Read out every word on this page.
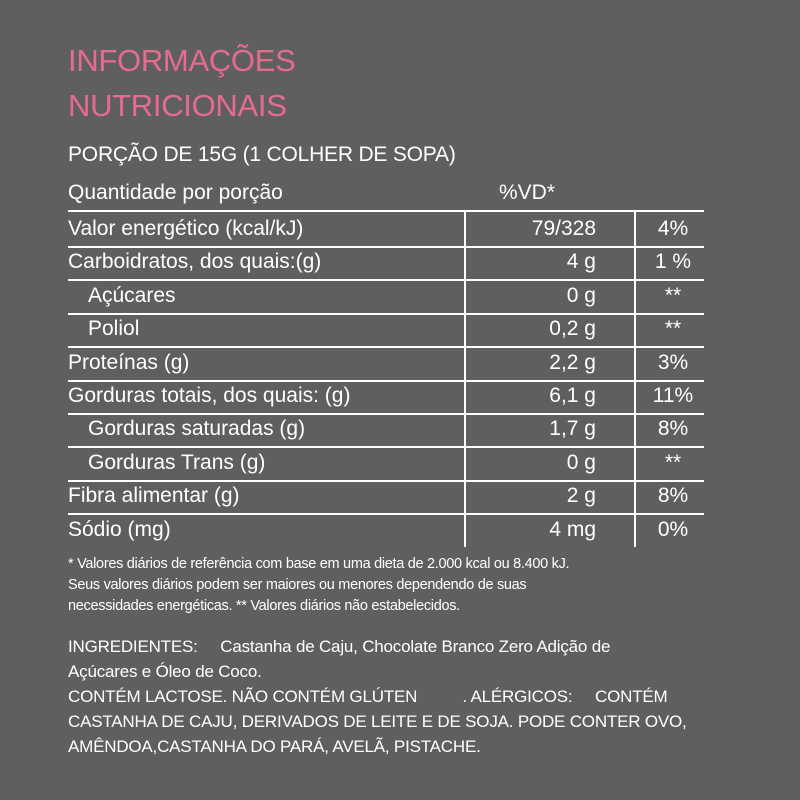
INFORMAÇÕES
NUTRICIONAIS
PORÇÃO DE 15G (1 COLHER DE SOPA)
Quantidade por porção	%VD*
Valor energético (kcal/kJ)	79/328	4%
Carboidratos, dos quais:(g)	4 g	1 %
Açúcares	0 g	**
Poliol	0,2 g	**
Proteínas (g)	2,2 g	3%
Gorduras totais, dos quais: (g)	6,1 g	11%
Gorduras saturadas (g)	1,7 g	8%
Gorduras Trans (g)	0 g	**
Fibra alimentar (g)	2 g	8%
Sódio (mg)	4 mg	0%
* Valores diários de referência com base em uma dieta de 2.000 kcal ou 8.400 kJ.
Seus valores diários podem ser maiores ou menores dependendo de suas
necessidades energéticas. ** Valores diários não estabelecidos.
INGREDIENTES:     Castanha de Caju, Chocolate Branco Zero Adição de
Açúcares e Óleo de Coco.
CONTÉM LACTOSE. NÃO CONTÉM GLÚTEN          . ALÉRGICOS:     CONTÉM
CASTANHA DE CAJU, DERIVADOS DE LEITE E DE SOJA. PODE CONTER OVO,
AMÊNDOA,CASTANHA DO PARÁ, AVELÃ, PISTACHE.
